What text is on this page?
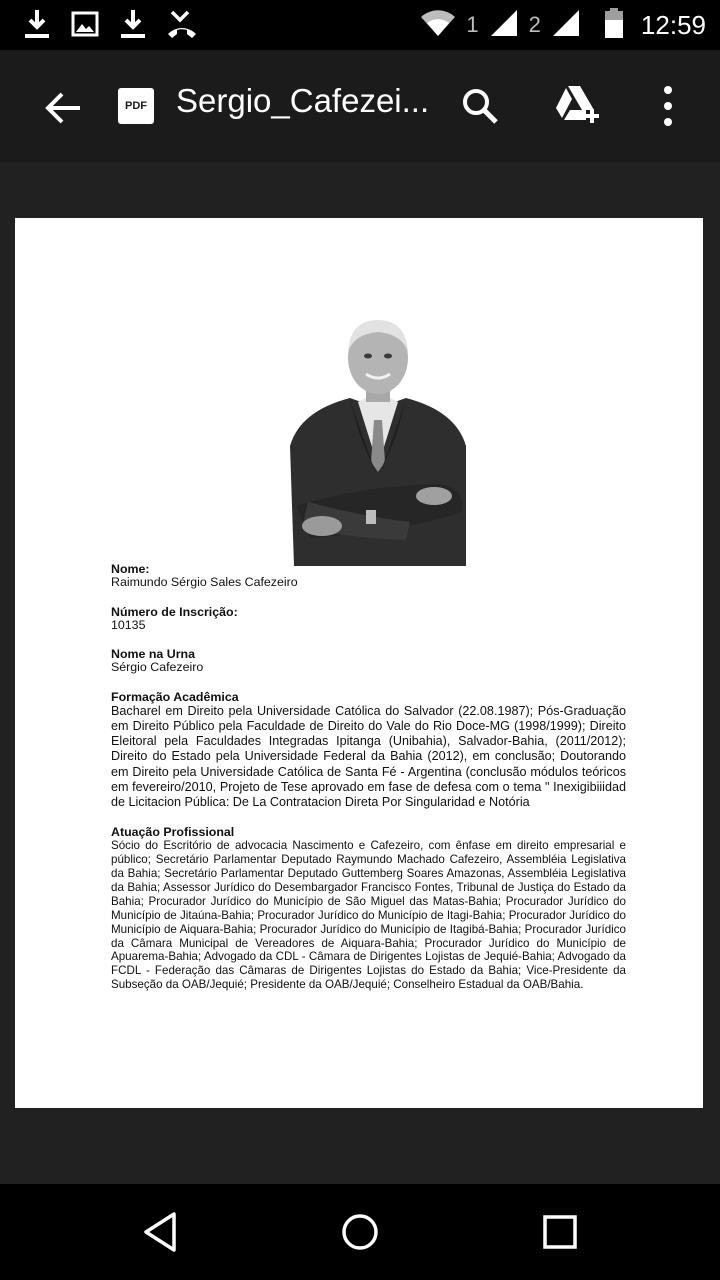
1 2	12:59
PDF Sergio_Cafezei...
Nome:

Raimundo Sérgio Sales Cafezeiro

Número de Inscrição:

10135

Nome na Urna

Sérgio Cafezeiro

Formação Acadêmica

Bacharel em Direito pela Universidade Católica do Salvador (22.08.1987); Pós-Graduação em Direito Público pela Faculdade de Direito do Vale do Rio Doce-MG (1998/1999); Direito Eleitoral pela Faculdades Integradas Ipitanga (Unibahia), Salvador-Bahia, (2011/2012); Direito do Estado pela Universidade Federal da Bahia (2012), em conclusão; Doutorando em Direito pela Universidade Católica de Santa Fé - Argentina (conclusão módulos teóricos em fevereiro/2010, Projeto de Tese aprovado em fase de defesa com o tema " Inexigibiiidad de Licitacion Pública: De La Contratacion Direta Por Singularidad e Notória

Atuação Profissional

Sócio do Escritório de advocacia Nascimento e Cafezeiro, com ênfase em direito empresarial e público; Secretário Parlamentar Deputado Raymundo Machado Cafezeiro, Assembléia Legislativa da Bahia; Secretário Parlamentar Deputado Guttemberg Soares Amazonas, Assembléia Legislativa da Bahia; Assessor Jurídico do Desembargador Francisco Fontes, Tribunal de Justiça do Estado da Bahia; Procurador Jurídico do Município de São Miguel das Matas-Bahia; Procurador Jurídico do Município de Jitaúna-Bahia; Procurador Jurídico do Município de Itagi-Bahia; Procurador Jurídico do Município de Aiquara-Bahia; Procurador Jurídico do Município de Itagibá-Bahia; Procurador Jurídico da Câmara Municipal de Vereadores de Aiquara-Bahia; Procurador Jurídico do Município de Apuarema-Bahia; Advogado da CDL - Câmara de Dirigentes Lojistas de Jequié-Bahia; Advogado da FCDL - Federação das Câmaras de Dirigentes Lojistas do Estado da Bahia; Vice-Presidente da Subseção da OAB/Jequié; Presidente da OAB/Jequié; Conselheiro Estadual da OAB/Bahia.
